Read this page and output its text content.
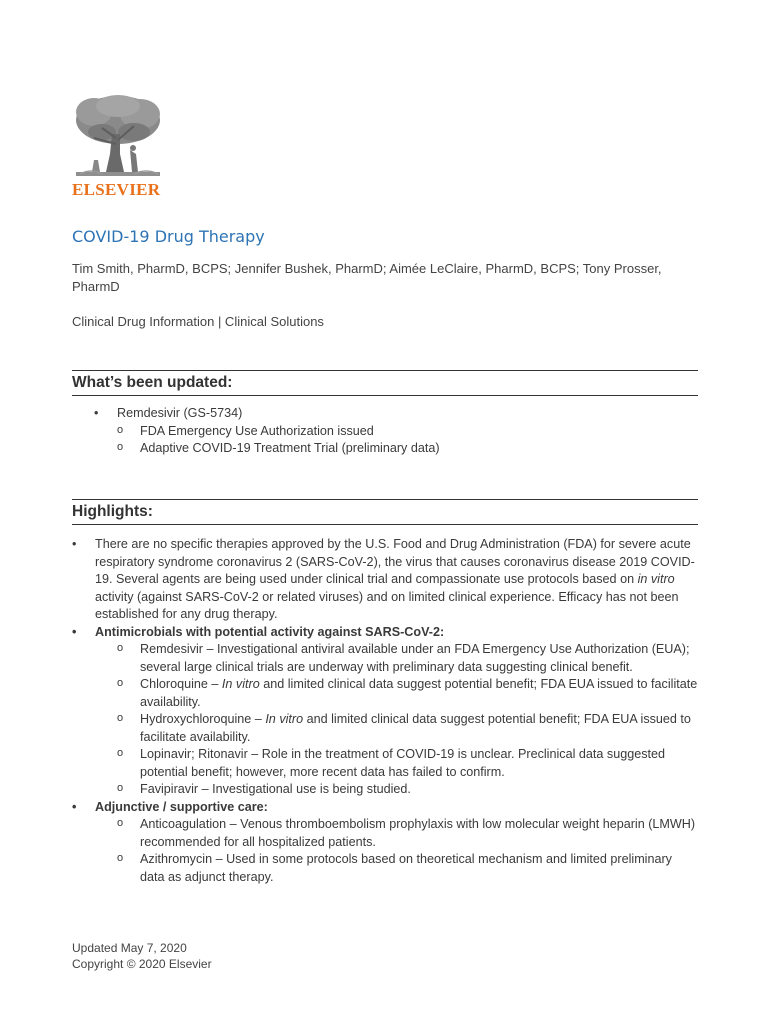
ELSEVIER
COVID-19 Drug Therapy
Tim Smith, PharmD, BCPS; Jennifer Bushek, PharmD; Aimée LeClaire, PharmD, BCPS; Tony Prosser, PharmD
Clinical Drug Information | Clinical Solutions
What’s been updated:
• Remdesivir (GS-5734)
o FDA Emergency Use Authorization issued
o Adaptive COVID-19 Treatment Trial (preliminary data)
Highlights:
• There are no specific therapies approved by the U.S. Food and Drug Administration (FDA) for severe acute respiratory syndrome coronavirus 2 (SARS-CoV-2), the virus that causes coronavirus disease 2019 COVID-19. Several agents are being used under clinical trial and compassionate use protocols based on in vitro activity (against SARS-CoV-2 or related viruses) and on limited clinical experience. Efficacy has not been established for any drug therapy.
• Antimicrobials with potential activity against SARS-CoV-2:
o Remdesivir – Investigational antiviral available under an FDA Emergency Use Authorization (EUA); several large clinical trials are underway with preliminary data suggesting clinical benefit.
o Chloroquine – In vitro and limited clinical data suggest potential benefit; FDA EUA issued to facilitate availability.
o Hydroxychloroquine – In vitro and limited clinical data suggest potential benefit; FDA EUA issued to facilitate availability.
o Lopinavir; Ritonavir – Role in the treatment of COVID-19 is unclear. Preclinical data suggested potential benefit; however, more recent data has failed to confirm.
o Favipiravir – Investigational use is being studied.
• Adjunctive / supportive care:
o Anticoagulation – Venous thromboembolism prophylaxis with low molecular weight heparin (LMWH) recommended for all hospitalized patients.
o Azithromycin – Used in some protocols based on theoretical mechanism and limited preliminary data as adjunct therapy.
Updated May 7, 2020
Copyright © 2020 Elsevier
